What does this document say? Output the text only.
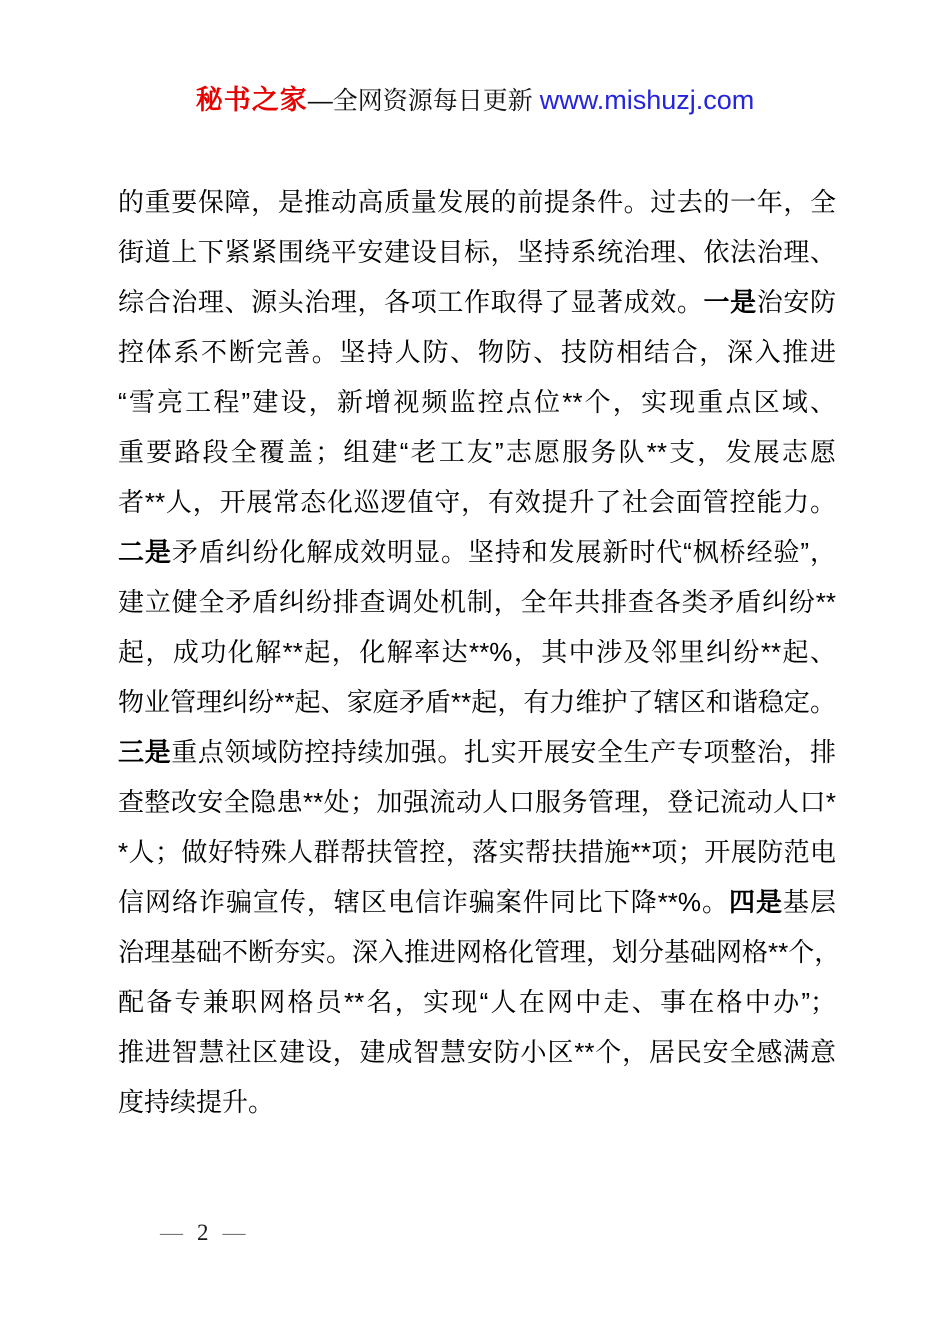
秘书之家—全网资源每日更新 www.mishuzj.com
的重要保障，是推动高质量发展的前提条件。过去的一年，全
街道上下紧紧围绕平安建设目标，坚持系统治理、依法治理、
综合治理、源头治理，各项工作取得了显著成效。一是治安防
控体系不断完善。坚持人防、物防、技防相结合，深入推进
“雪亮工程”建设，新增视频监控点位**个，实现重点区域、
重要路段全覆盖；组建“老工友”志愿服务队**支，发展志愿
者**人，开展常态化巡逻值守，有效提升了社会面管控能力。
二是矛盾纠纷化解成效明显。坚持和发展新时代“枫桥经验”，
建立健全矛盾纠纷排查调处机制，全年共排查各类矛盾纠纷**
起，成功化解**起，化解率达**%，其中涉及邻里纠纷**起、
物业管理纠纷**起、家庭矛盾**起，有力维护了辖区和谐稳定。
三是重点领域防控持续加强。扎实开展安全生产专项整治，排
查整改安全隐患**处；加强流动人口服务管理，登记流动人口*
*人；做好特殊人群帮扶管控，落实帮扶措施**项；开展防范电
信网络诈骗宣传，辖区电信诈骗案件同比下降**%。四是基层
治理基础不断夯实。深入推进网格化管理，划分基础网格**个，
配备专兼职网格员**名，实现“人在网中走、事在格中办”；
推进智慧社区建设，建成智慧安防小区**个，居民安全感满意
度持续提升。
— 2 —
